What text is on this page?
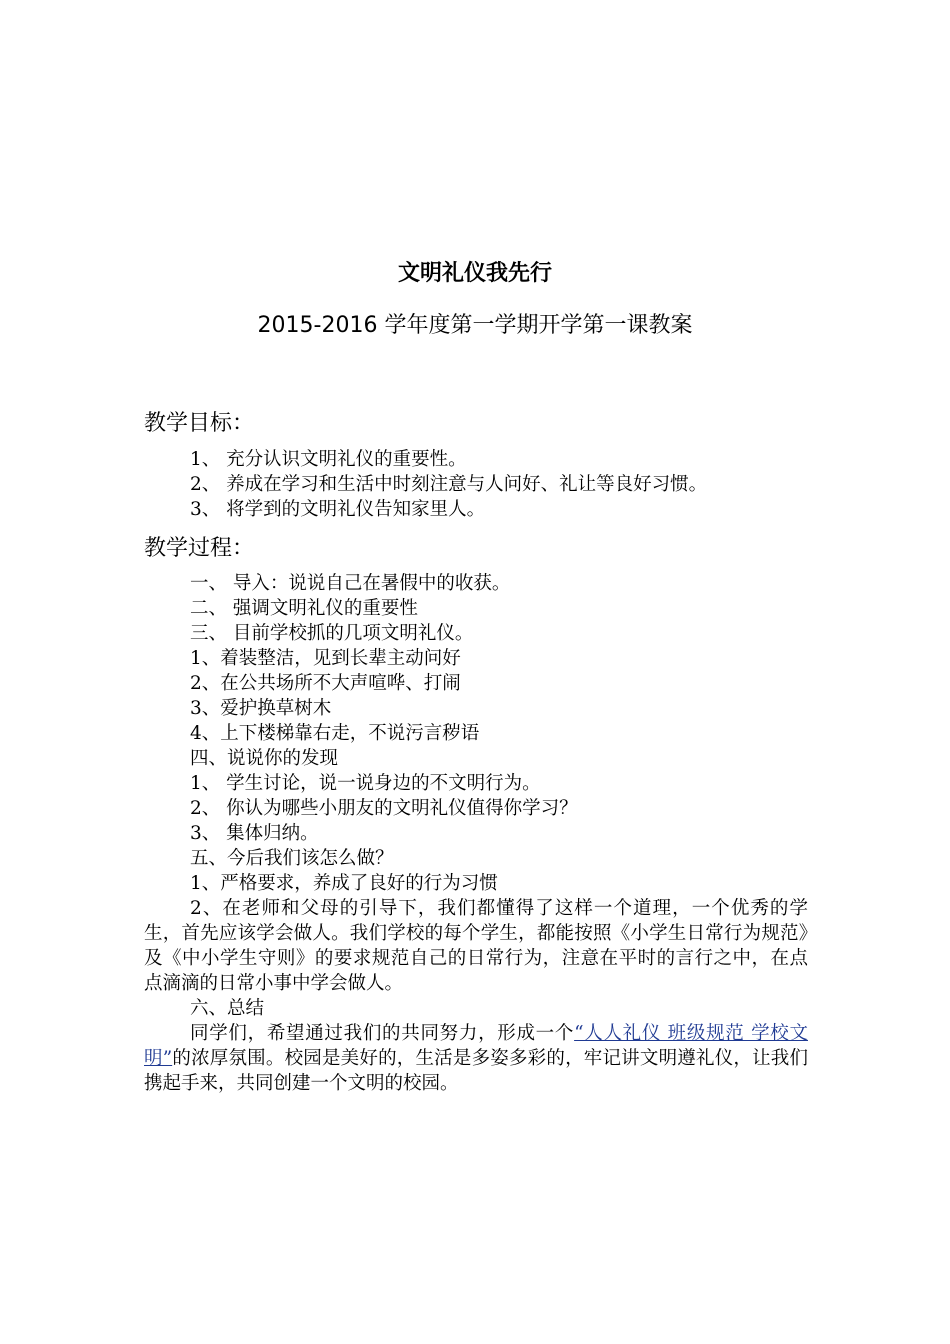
文明礼仪我先行
2015-2016 学年度第一学期开学第一课教案
教学目标：
1、 充分认识文明礼仪的重要性。
2、 养成在学习和生活中时刻注意与人问好、礼让等良好习惯。
3、 将学到的文明礼仪告知家里人。
教学过程：
一、 导入：说说自己在暑假中的收获。
二、 强调文明礼仪的重要性
三、 目前学校抓的几项文明礼仪。
1、着装整洁，见到长辈主动问好
2、在公共场所不大声喧哗、打闹
3、爱护换草树木
4、上下楼梯靠右走，不说污言秽语
四、说说你的发现
1、 学生讨论，说一说身边的不文明行为。
2、 你认为哪些小朋友的文明礼仪值得你学习？
3、 集体归纳。
五、今后我们该怎么做？
1、严格要求，养成了良好的行为习惯

2、在老师和父母的引导下，我们都懂得了这样一个道理，一个优秀的学生，首先应该学会做人。我们学校的每个学生，都能按照《小学生日常行为规范》及《中小学生守则》的要求规范自己的日常行为，注意在平时的言行之中，在点点滴滴的日常小事中学会做人。

六、总结

同学们，希望通过我们的共同努力，形成一个“人人礼仪 班级规范 学校文明”的浓厚氛围。校园是美好的，生活是多姿多彩的，牢记讲文明遵礼仪，让我们携起手来，共同创建一个文明的校园。
